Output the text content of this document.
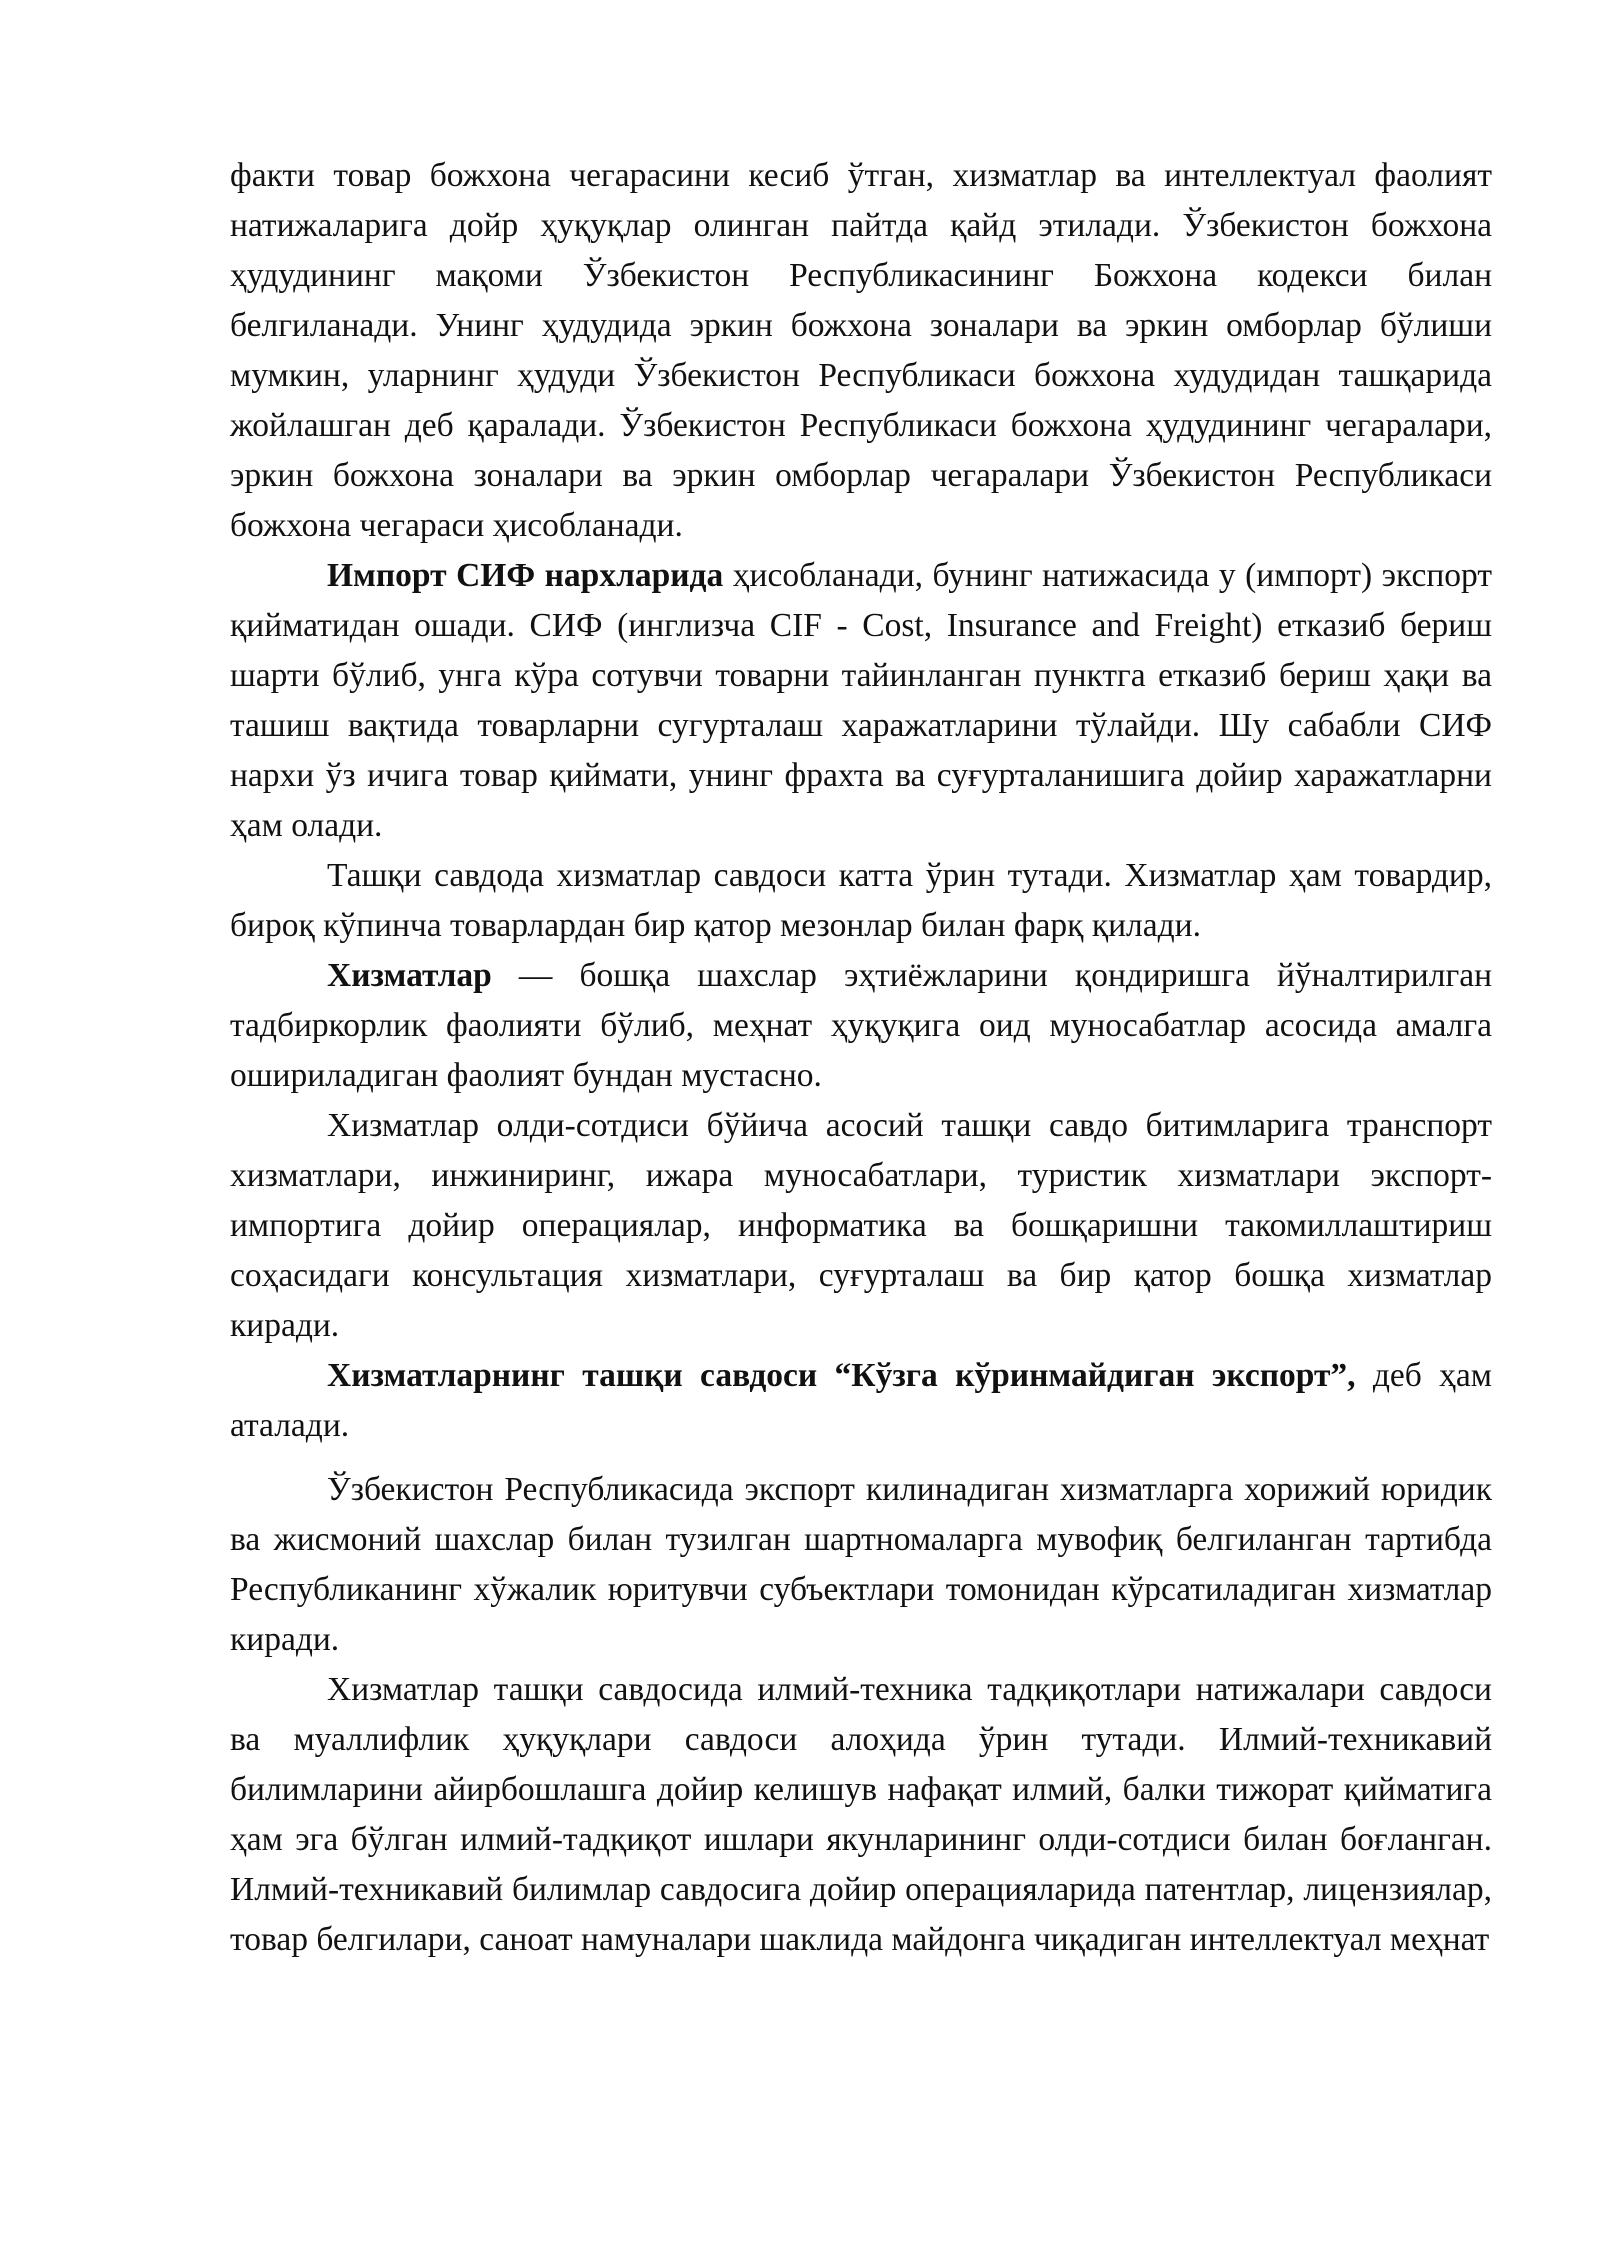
факти товар божхона чегарасини кесиб ўтган, хизматлар ва интеллектуал фаолият натижаларига дойр ҳуқуқлар олинган пайтда қайд этилади. Ўзбекистон божхона ҳудудининг мақоми Ўзбекистон Республикасининг Божхона кодекси билан белгиланади. Унинг ҳудудида эркин божхона зоналари ва эркин омборлар бўлиши мумкин, уларнинг ҳудуди Ўзбекистон Республикаси божхона худудидан ташқарида жойлашган деб қаралади. Ўзбекистон Республикаси божхона ҳудудининг чегаралари, эркин божхона зоналари ва эркин омборлар чегаралари Ўзбекистон Республикаси божхона чегараси ҳисобланади.

Импорт СИФ нархларида ҳисобланади, бунинг натижасида у (импорт) экспорт қийматидан ошади. СИФ (инглизча CIF - Cost, Insurance and Freight) етказиб бериш шарти бўлиб, унга кўра сотувчи товарни тайинланган пунктга етказиб бериш ҳақи ва ташиш вақтида товарларни сугурталаш харажатларини тўлайди. Шу сабабли СИФ нархи ўз ичига товар қиймати, унинг фрахта ва суғурталанишига дойир харажатларни ҳам олади.

Ташқи савдода хизматлар савдоси катта ўрин тутади. Хизматлар ҳам товардир, бироқ кўпинча товарлардан бир қатор мезонлар билан фарқ қилади.

Хизматлар — бошқа шахслар эҳтиёжларини қондиришга йўналтирилган тадбиркорлик фаолияти бўлиб, меҳнат ҳуқуқига оид муносабатлар асосида амалга ошириладиган фаолият бундан мустасно.

Хизматлар олди-сотдиси бўйича асосий ташқи савдо битимларига транспорт хизматлари, инжиниринг, ижара муносабатлари, туристик хизматлари экспорт-импортига дойир операциялар, информатика ва бошқаришни такомиллаштириш соҳасидаги консультация хизматлари, суғурталаш ва бир қатор бошқа хизматлар киради.

Хизматларнинг ташқи савдоси “Кўзга кўринмайдиган экспорт”, деб ҳам аталади.

Ўзбекистон Республикасида экспорт килинадиган хизматларга хорижий юридик ва жисмоний шахслар билан тузилган шартномаларга мувофиқ белгиланган тартибда Республиканинг хўжалик юритувчи субъектлари томонидан кўрсатиладиган хизматлар киради.

Хизматлар ташқи савдосида илмий-техника тадқиқотлари натижалари савдоси ва муаллифлик ҳуқуқлари савдоси алоҳида ўрин тутади. Илмий-техникавий билимларини айирбошлашга дойир келишув нафақат илмий, балки тижорат қийматига ҳам эга бўлган илмий-тадқиқот ишлари якунларининг олди-сотдиси билан боғланган. Илмий-техникавий билимлар савдосига дойир операцияларида патентлар, лицензиялар, товар белгилари, саноат намуналари шаклида майдонга чиқадиган интеллектуал меҳнат
